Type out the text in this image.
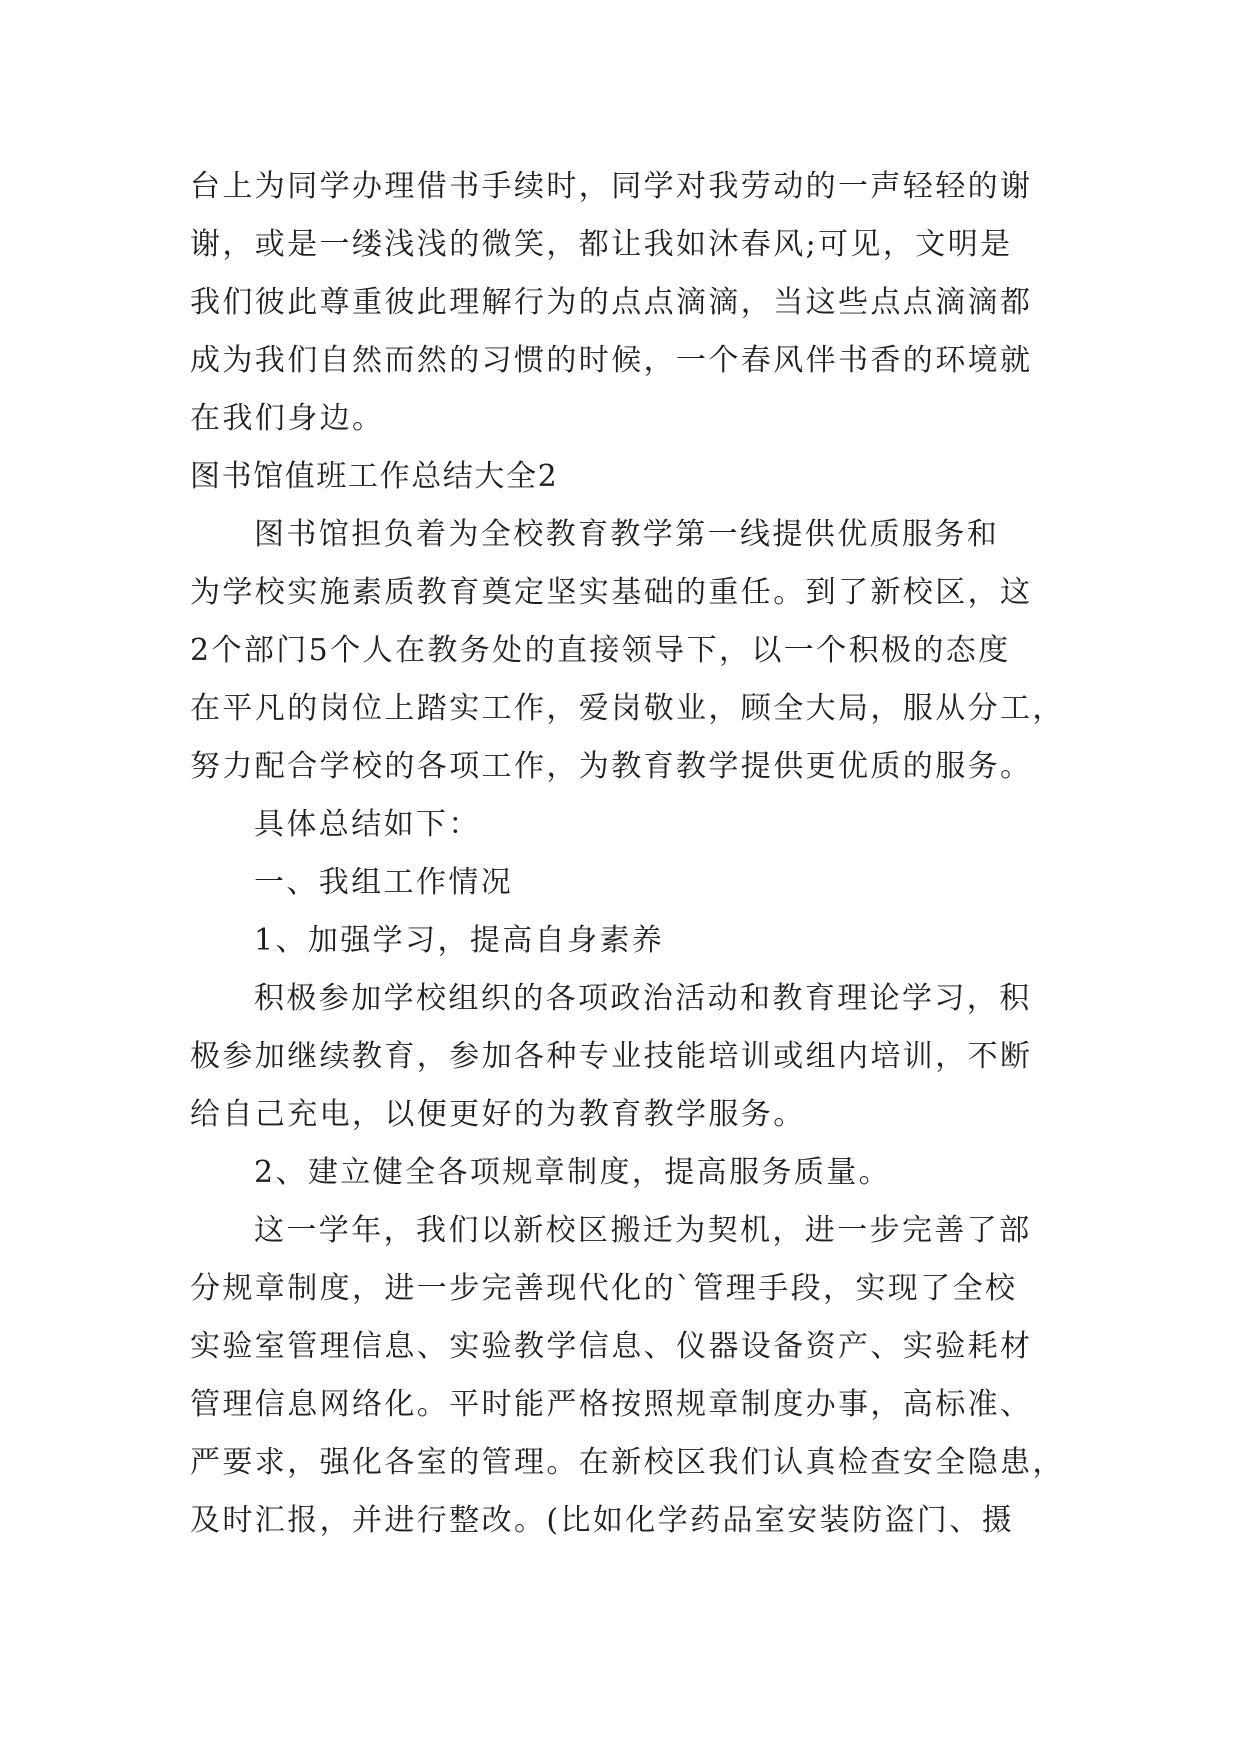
台上为同学办理借书手续时，同学对我劳动的一声轻轻的谢
谢，或是一缕浅浅的微笑，都让我如沐春风;可见，文明是
我们彼此尊重彼此理解行为的点点滴滴，当这些点点滴滴都
成为我们自然而然的习惯的时候，一个春风伴书香的环境就
在我们身边。
图书馆值班工作总结大全2
图书馆担负着为全校教育教学第一线提供优质服务和
为学校实施素质教育奠定坚实基础的重任。到了新校区，这
2个部门5个人在教务处的直接领导下，以一个积极的态度
在平凡的岗位上踏实工作，爱岗敬业，顾全大局，服从分工，
努力配合学校的各项工作，为教育教学提供更优质的服务。
具体总结如下：
一、我组工作情况
1、加强学习，提高自身素养
积极参加学校组织的各项政治活动和教育理论学习，积
极参加继续教育，参加各种专业技能培训或组内培训，不断
给自己充电，以便更好的为教育教学服务。
2、建立健全各项规章制度，提高服务质量。
这一学年，我们以新校区搬迁为契机，进一步完善了部
分规章制度，进一步完善现代化的`管理手段，实现了全校
实验室管理信息、实验教学信息、仪器设备资产、实验耗材
管理信息网络化。平时能严格按照规章制度办事，高标准、
严要求，强化各室的管理。在新校区我们认真检查安全隐患，
及时汇报，并进行整改。(比如化学药品室安装防盗门、摄
